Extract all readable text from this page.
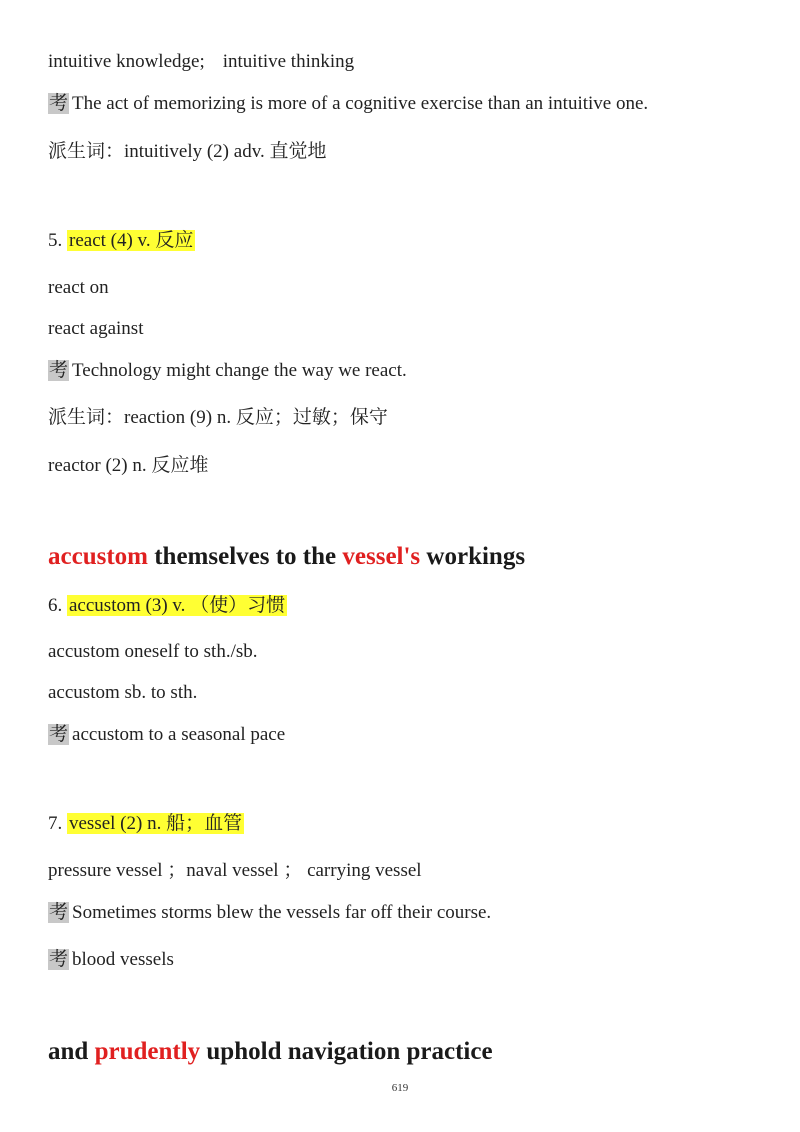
intuitive knowledge; intuitive thinking
考 The act of memorizing is more of a cognitive exercise than an intuitive one.
派生词：intuitively (2) adv. 直觉地
5. react (4) v. 反应
react on
react against
考 Technology might change the way we react.
派生词：reaction (9) n. 反应；过敏；保守
reactor (2) n. 反应堆
accustom themselves to the vessel's workings
6. accustom (3) v. （使）习惯
accustom oneself to sth./sb.
accustom sb. to sth.
考 accustom to a seasonal pace
7. vessel (2) n. 船；血管
pressure vessel ；naval vessel ； carrying vessel
考 Sometimes storms blew the vessels far off their course.
考 blood vessels
and prudently uphold navigation practice
619
